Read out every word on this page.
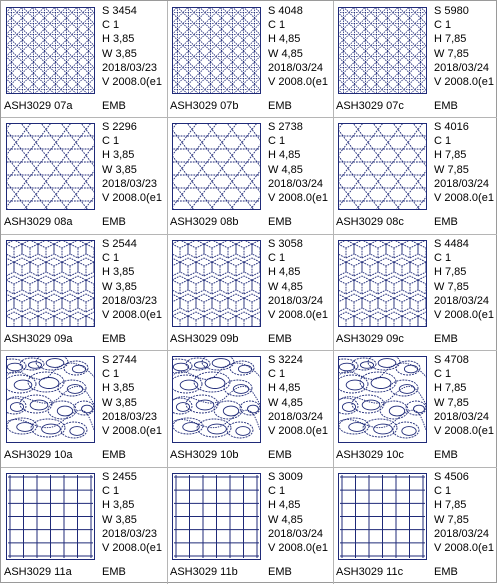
S 3454
C 1
H 3,85
W 3,85
2018/03/23
V 2008.0(e1
ASH3029 07a	EMB
S 4048
C 1
H 4,85
W 4,85
2018/03/24
V 2008.0(e1
ASH3029 07b	EMB
S 5980
C 1
H 7,85
W 7,85
2018/03/24
V 2008.0(e1
ASH3029 07c	EMB
S 2296
C 1
H 3,85
W 3,85
2018/03/23
V 2008.0(e1
ASH3029 08a	EMB
S 2738
C 1
H 4,85
W 4,85
2018/03/24
V 2008.0(e1
ASH3029 08b	EMB
S 4016
C 1
H 7,85
W 7,85
2018/03/24
V 2008.0(e1
ASH3029 08c	EMB
S 2544
C 1
H 3,85
W 3,85
2018/03/23
V 2008.0(e1
ASH3029 09a	EMB
S 3058
C 1
H 4,85
W 4,85
2018/03/24
V 2008.0(e1
ASH3029 09b	EMB
S 4484
C 1
H 7,85
W 7,85
2018/03/24
V 2008.0(e1
ASH3029 09c	EMB
S 2744
C 1
H 3,85
W 3,85
2018/03/23
V 2008.0(e1
ASH3029 10a	EMB
S 3224
C 1
H 4,85
W 4,85
2018/03/24
V 2008.0(e1
ASH3029 10b	EMB
S 4708
C 1
H 7,85
W 7,85
2018/03/24
V 2008.0(e1
ASH3029 10c	EMB
S 2455
C 1
H 3,85
W 3,85
2018/03/23
V 2008.0(e1
ASH3029 11a	EMB
S 3009
C 1
H 4,85
W 4,85
2018/03/24
V 2008.0(e1
ASH3029 11b	EMB
S 4506
C 1
H 7,85
W 7,85
2018/03/24
V 2008.0(e1
ASH3029 11c	EMB
